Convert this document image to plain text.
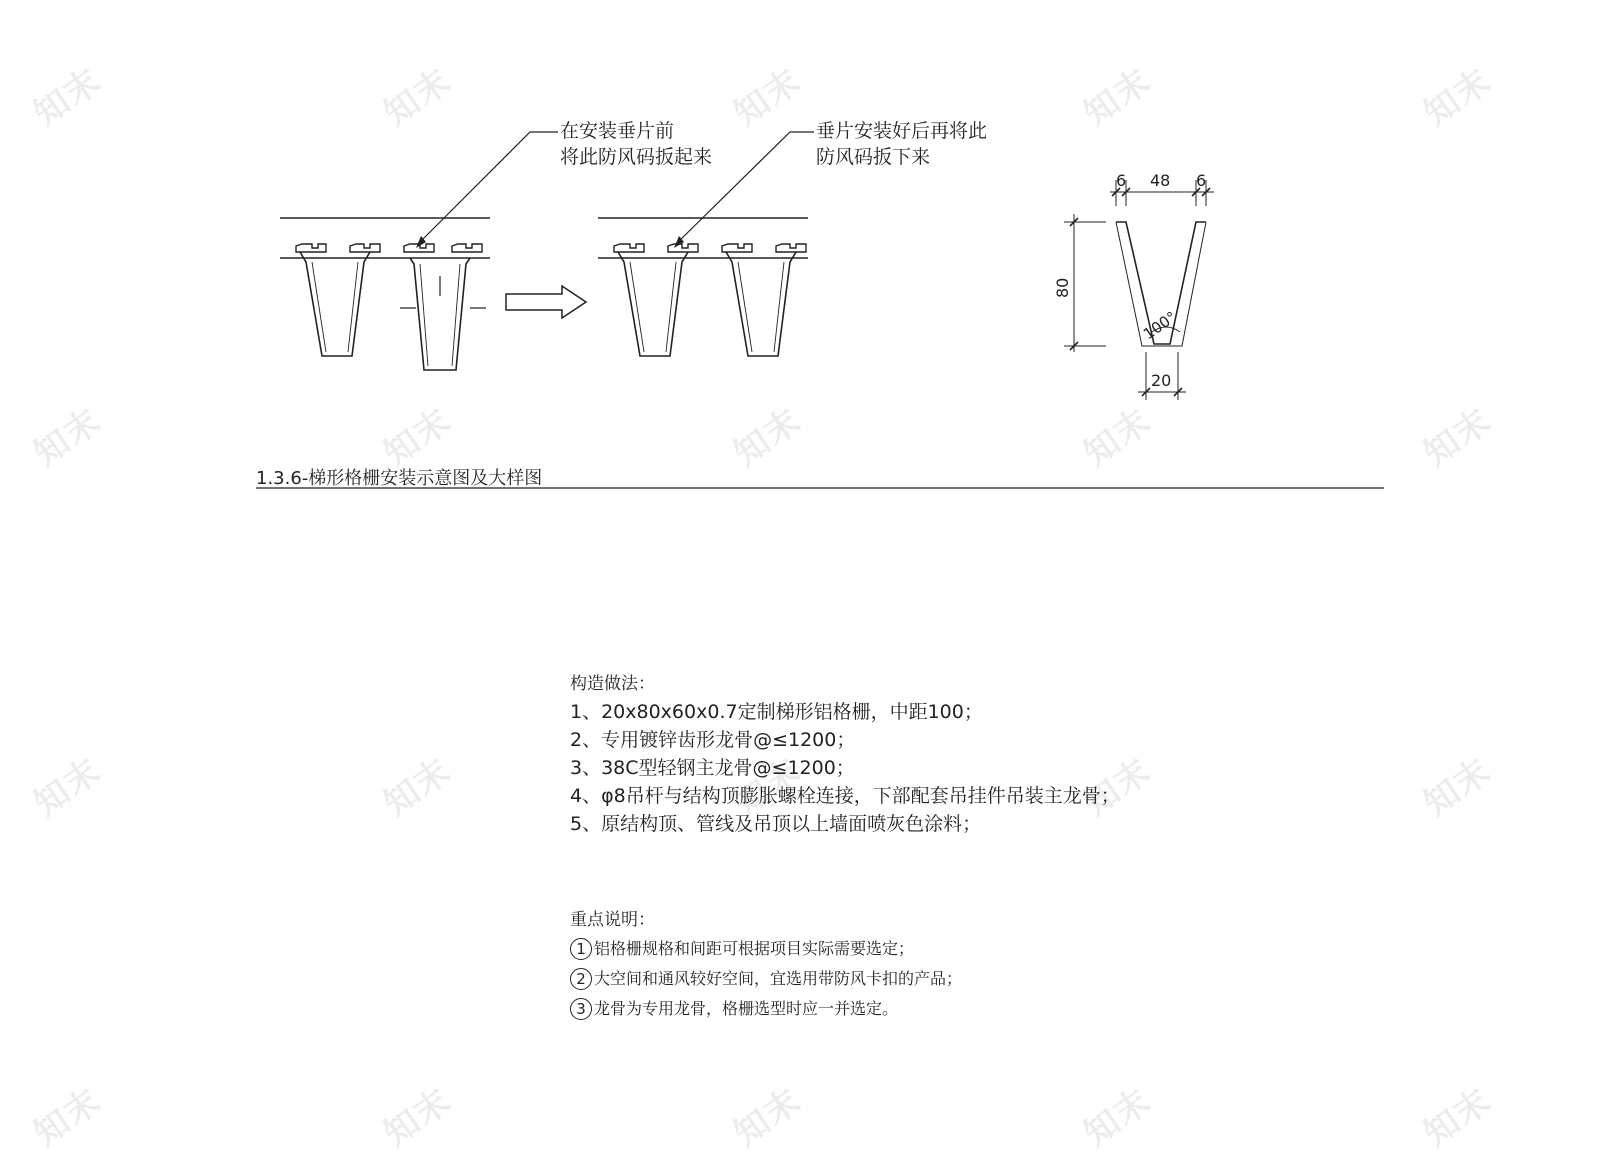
知末	知末	知末	知末	知末
知末	知末	知末	知末	知末
知末	知末	知末	知末	知末
知末	知末	知末	知末	知末
6 48 6
80
100°
20
在安装垂片前
将此防风码扳起来
垂片安装好后再将此
防风码扳下来
1.3.6-梯形格栅安装示意图及大样图
构造做法：
1、20x80x60x0.7定制梯形铝格栅，中距100；
2、专用镀锌齿形龙骨@≤1200；
3、38C型轻钢主龙骨@≤1200；
4、φ8吊杆与结构顶膨胀螺栓连接，下部配套吊挂件吊装主龙骨；
5、原结构顶、管线及吊顶以上墙面喷灰色涂料；
重点说明：
1 铝格栅规格和间距可根据项目实际需要选定；
2 大空间和通风较好空间，宜选用带防风卡扣的产品；
3 龙骨为专用龙骨，格栅选型时应一并选定。
